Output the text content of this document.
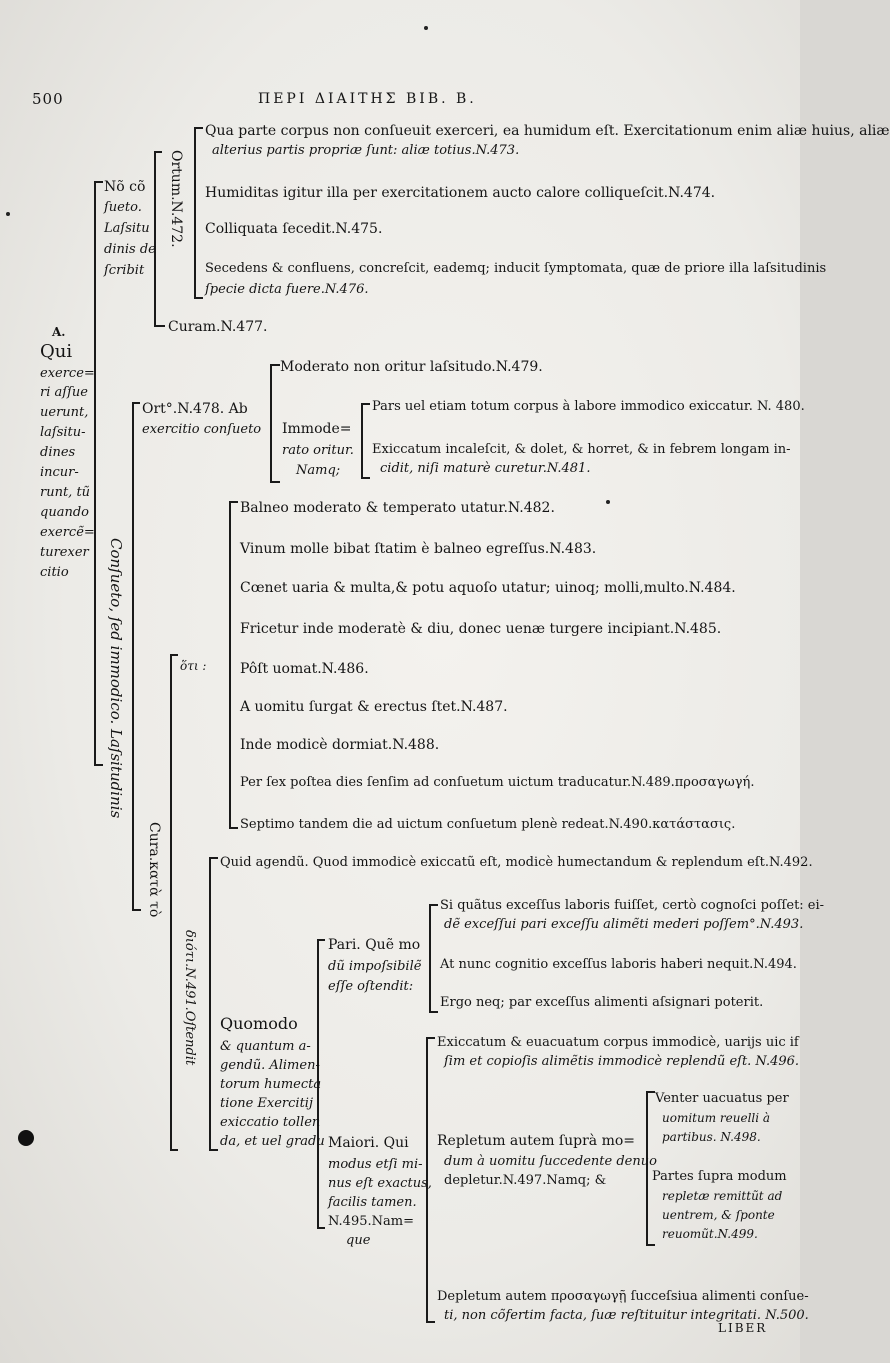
500	ΠΕΡΙ ΔΙΑΙΤΗΣ ΒΙΒ. Β.
A.
Qui
exerce=
ri aſſue
uerunt,
laſsitu-
dines
incur-
runt, tũ
quando
exercẽ=
turexer
citio
Nõ cõ
ſueto.
Laſsitu
dinis de
ſcribit
Ortum.N.472.
Qua parte corpus non conſueuit exerceri, ea humidum eſt. Exercitationum enim aliæ huius, aliæ
alterius partis propriæ ſunt: aliæ totius.N.473.
Humiditas igitur illa per exercitationem aucto calore colliqueſcit.N.474.
Colliquata ſecedit.N.475.
Secedens & confluens, concreſcit, eademq; inducit ſymptomata, quæ de priore illa laſsitudinis
ſpecie dicta fuere.N.476.
Curam.N.477.
Conſueto, ſed immodico. Laſsitudinis
Ort°.N.478. Ab
exercitio conſueto
Moderato non oritur laſsitudo.N.479.
Immode=
rato oritur.
Namq;
Pars uel etiam totum corpus à labore immodico exiccatur. N. 480.
Exiccatum incaleſcit, & dolet, & horret, & in febrem longam in-
cidit, niſi maturè curetur.N.481.
Cura.κατὰ τὸ
ὅτι :
Balneo moderato & temperato utatur.N.482.
Vinum molle bibat ſtatim è balneo egreſſus.N.483.
Cœnet uaria & multa,& potu aquoſo utatur; uinoq; molli,multo.N.484.
Fricetur inde moderatè & diu, donec uenæ turgere incipiant.N.485.
Pôſt uomat.N.486.
A uomitu ſurgat & erectus ſtet.N.487.
Inde modicè dormiat.N.488.
Per ſex poſtea dies ſenſim ad conſuetum uictum traducatur.N.489.προσαγωγή.
Septimo tandem die ad uictum conſuetum plenè redeat.N.490.κατάστασις.
διότι.N.491.Oſtendit
Quid agendũ. Quod immodicè exiccatũ eſt, modicè humectandum & replendum eſt.N.492.
Quomodo
& quantum a-
gendũ. Alimen-
torum humecta
tione Exercitij
exiccatio tollen
da, et uel gradu
Pari. Quẽ mo
dũ impoſsibilẽ
eſſe oſtendit:
Si quãtus exceſſus laboris fuiſſet, certò cognoſci poſſet: ei-
dẽ exceſſui pari exceſſu alimẽti mederi poſſem°.N.493.
At nunc cognitio exceſſus laboris haberi nequit.N.494.
Ergo neq; par exceſſus alimenti aſsignari poterit.
Maiori. Qui
modus etſi mi-
nus eſt exactus,
facilis tamen.
N.495.Nam=
que
Exiccatum & euacuatum corpus immodicè, uarijs uic if
ſim et copioſis alimẽtis immodicè replendũ eſt. N.496.
Repletum autem ſuprà mo=
dum à uomitu ſuccedente denuo
depletur.N.497.Namq; &
Venter uacuatus per
uomitum reuelli à
partibus. N.498.
Partes ſupra modum
repletæ remittũt ad
uentrem, & ſponte
reuomũt.N.499.
Depletum autem προσαγωγῇ ſucceſsiua alimenti conſue-
ti, non cõfertim facta, ſuæ reſtituitur integritati. N.500.
LIBER
